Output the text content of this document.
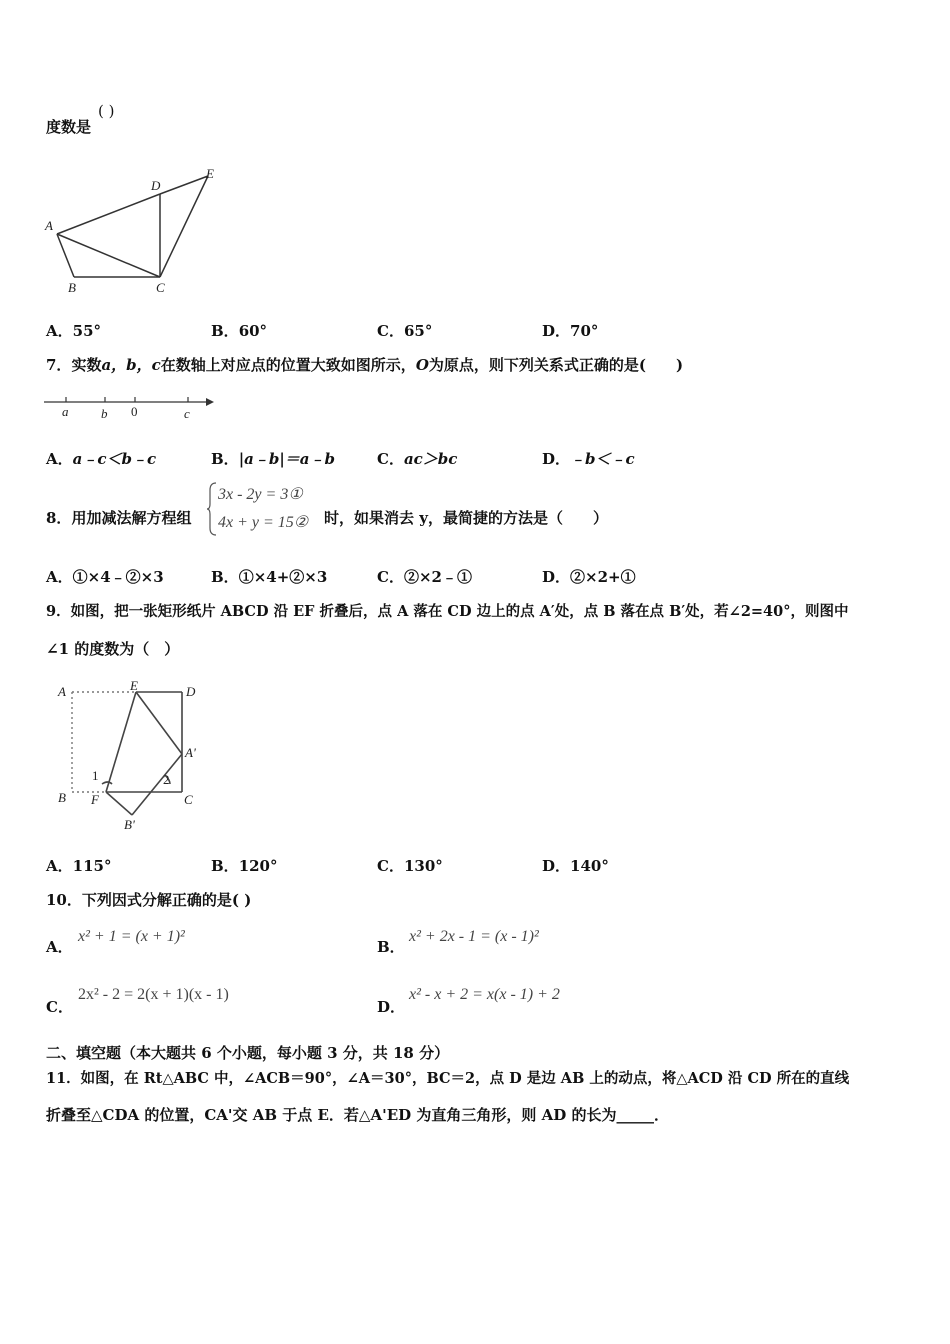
度数是
( )
A
B	C
D
E
A．55°	B．60°	C．65°	D．70°
7．实数a，b，c在数轴上对应点的位置大致如图所示，O为原点，则下列关系式正确的是(　　)
a	b 0	c
A．a﹣c＜b﹣c	B．|a﹣b|＝a﹣b	C．ac＞bc	D．﹣b＜﹣c
8．用加减法解方程组
3x - 2y = 3①
4x + y = 15② 时，如果消去 y，最简捷的方法是（　　）
A．①×4﹣②×3	B．①×4+②×3	C．②×2﹣①	D．②×2+①
9．如图，把一张矩形纸片 ABCD 沿 EF 折叠后，点 A 落在 CD 边上的点 A′处，点 B 落在点 B′处，若∠2=40°，则图中
∠1 的度数为（　）
A	E	D
A'
1	2
B F	C
B'
A．115°	B．120°	C．130°	D．140°
10．下列因式分解正确的是( )
A．
x² + 1 = (x + 1)²
B．
x² + 2x - 1 = (x - 1)²
C．
2x² - 2 = 2(x + 1)(x - 1)
D．
x² - x + 2 = x(x - 1) + 2
二、填空题（本大题共 6 个小题，每小题 3 分，共 18 分）
11．如图，在 Rt△ABC 中，∠ACB＝90°，∠A＝30°，BC＝2，点 D 是边 AB 上的动点，将△ACD 沿 CD 所在的直线
折叠至△CDA 的位置，CA'交 AB 于点 E．若△A'ED 为直角三角形，则 AD 的长为_____．
